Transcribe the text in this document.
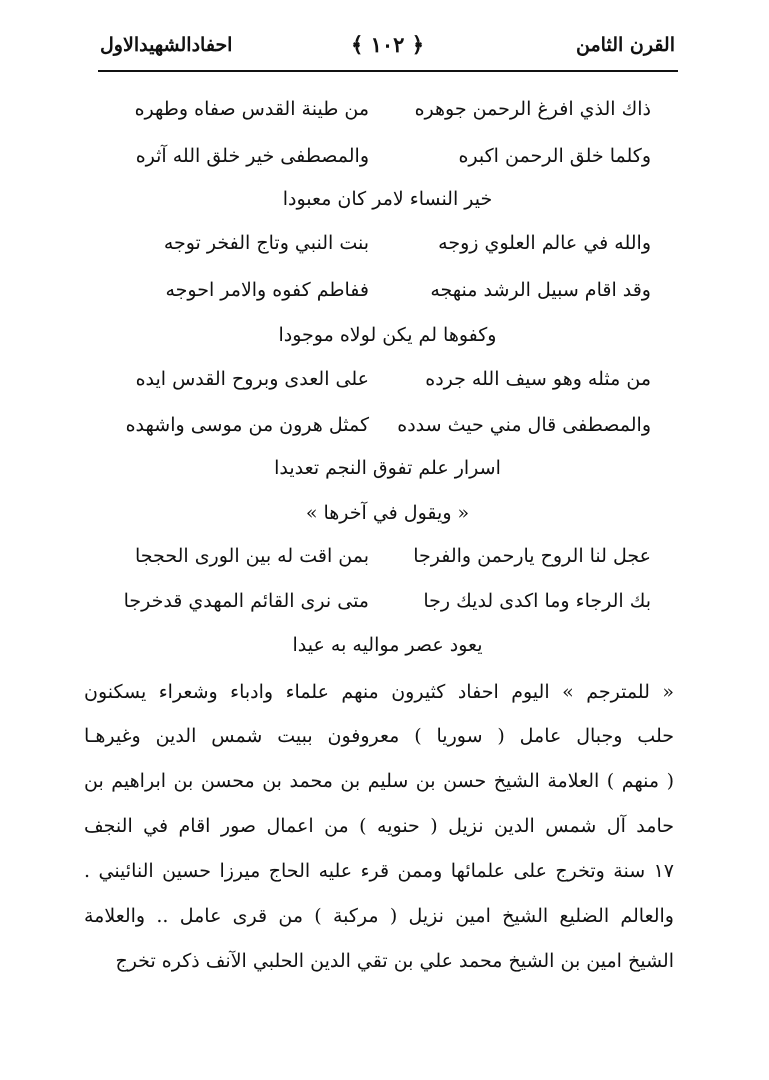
القرن الثامن
﴿ ١٠٢ ﴾
احفادالشهيدالاول
ذاك الذي افرغ الرحمن جوهره
من طينة القدس صفاه وطهره
وكلما خلق الرحمن اكبره
والمصطفى خير خلق الله آثره
خير النساء لامر كان معبودا
والله في عالم العلوي زوجه
بنت النبي وتاج الفخر توجه
وقد اقام سبيل الرشد منهجه
ففاطم كفوه والامر احوجه
وكفوها لم يكن لولاه موجودا
من مثله وهو سيف الله جرده
على العدى وبروح القدس ايده
والمصطفى قال مني حيث سدده
كمثل هرون من موسى واشهده
اسرار علم تفوق النجم تعديدا
« ويقول في آخرها »
عجل لنا الروح يارحمن والفرجا
بمن اقت له بين الورى الحججا
بك الرجاء وما اكدى لديك رجا
متى نرى القائم المهدي قدخرجا
يعود عصر مواليه به عيدا
« للمترجم » اليوم احفاد كثيرون منهم علماء وادباء وشعراء يسكنون
حلب وجبال عامل ( سوريا ) معروفون ببيت شمس الدين وغيرهـا
( منهم ) العلامة الشيخ حسن بن سليم بن محمد بن محسن بن ابراهيم بن
حامد آل شمس الدين نزيل ( حنويه ) من اعمال صور اقام في النجف
١٧ سنة وتخرج على علمائها وممن قرء عليه الحاج ميرزا حسين النائيني .
والعالم الضليع الشيخ امين نزيل ( مركبة ) من قرى عامل .. والعلامة
الشيخ امين بن الشيخ محمد علي بن تقي الدين الحلبي الآنف ذكره تخرج
